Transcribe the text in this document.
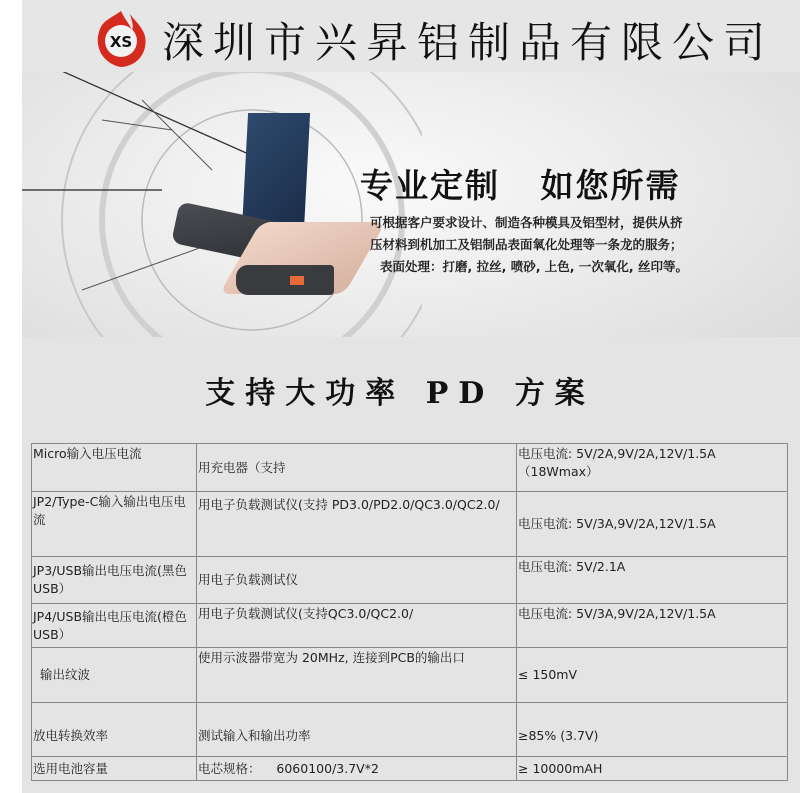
XS 深圳市兴昇铝制品有限公司
专业定制 如您所需
可根据客户要求设计、制造各种模具及铝型材，提供从挤
压材料到机加工及铝制品表面氧化处理等一条龙的服务；
表面处理：打磨, 拉丝, 喷砂, 上色, 一次氧化, 丝印等。
支持大功率 PD 方案
Micro输入电压电流	用充电器（支持	电压电流: 5V/2A,9V/2A,12V/1.5A（18Wmax）
JP2/Type-C输入输出电压电流	用电子负载测试仪(支持 PD3.0/PD2.0/QC3.0/QC2.0/	电压电流: 5V/3A,9V/2A,12V/1.5A
JP3/USB输出电压电流(黑色USB）	用电子负载测试仪	电压电流: 5V/2.1A
JP4/USB输出电压电流(橙色USB）	用电子负载测试仪(支持QC3.0/QC2.0/	电压电流: 5V/3A,9V/2A,12V/1.5A
输出纹波	使用示波器带宽为 20MHz, 连接到PCB的输出口	≤ 150mV
放电转换效率	测试输入和输出功率	≥85% (3.7V)
选用电池容量	电芯规格：    6060100/3.7V*2	≥ 10000mAH
